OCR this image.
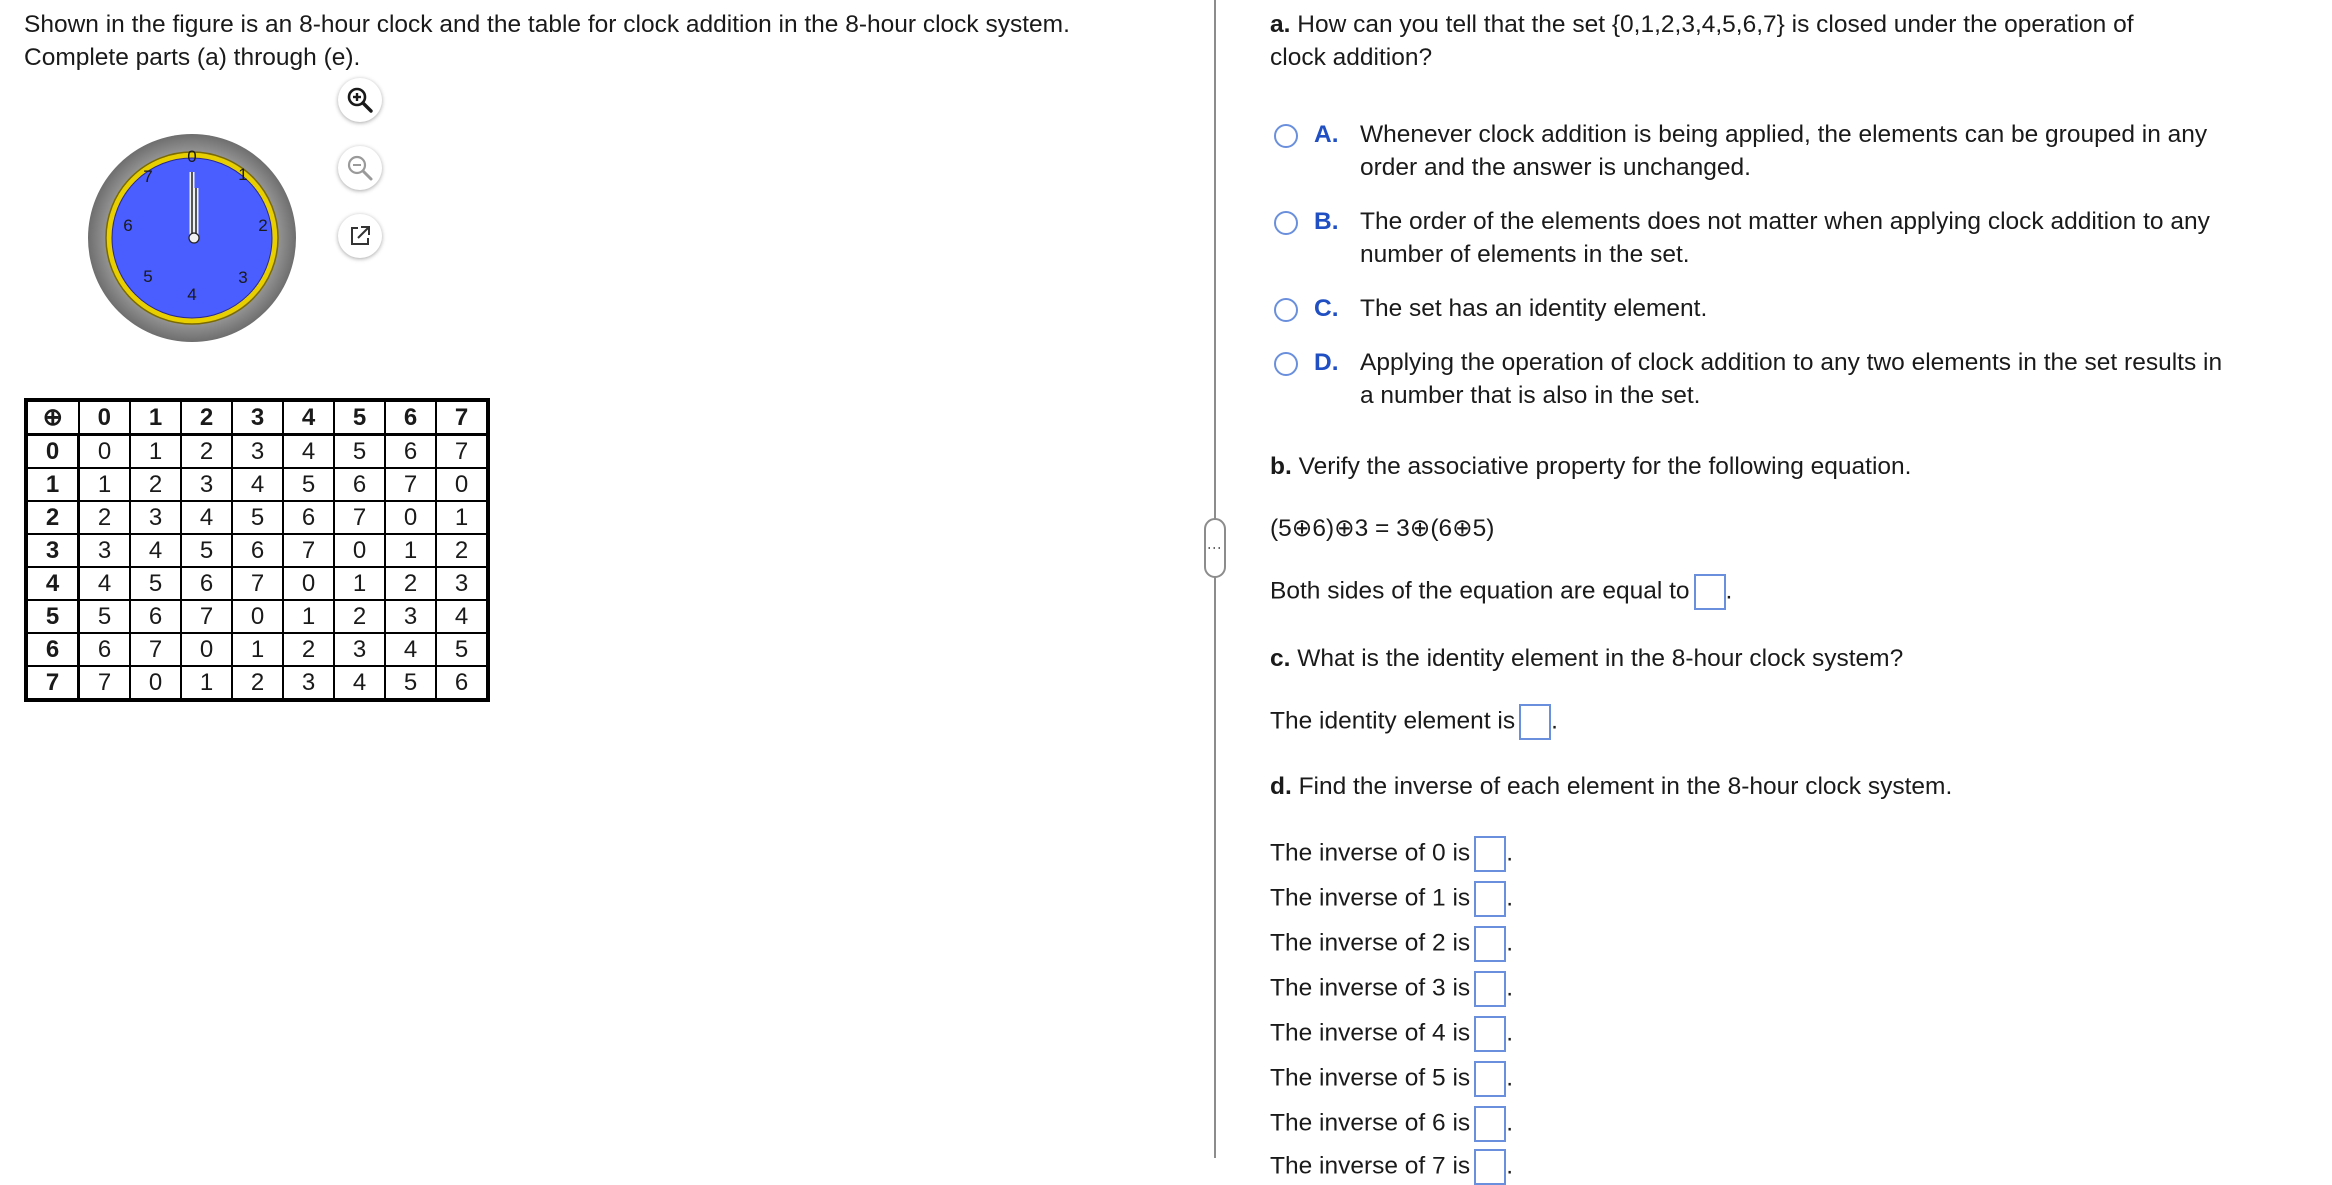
Shown in the figure is an 8-hour clock and the table for clock addition in the 8-hour clock system.
Complete parts (a) through (e).
0
1
2
3
4
5
6
7
⊕	0	1	2	3	4	5	6	7
0	0	1	2	3	4	5	6	7
1	1	2	3	4	5	6	7	0
2	2	3	4	5	6	7	0	1
3	3	4	5	6	7	0	1	2
4	4	5	6	7	0	1	2	3
5	5	6	7	0	1	2	3	4
6	6	7	0	1	2	3	4	5
7	7	0	1	2	3	4	5	6
⋮
a. How can you tell that the set {0,1,2,3,4,5,6,7} is closed under the operation of
clock addition?
A. Whenever clock addition is being applied, the elements can be grouped in any
order and the answer is unchanged.
B. The order of the elements does not matter when applying clock addition to any
number of elements in the set.
C. The set has an identity element.
D. Applying the operation of clock addition to any two elements in the set results in
a number that is also in the set.
b. Verify the associative property for the following equation.
(5⊕6)⊕3 = 3⊕(6⊕5)
Both sides of the equation are equal to .
c. What is the identity element in the 8-hour clock system?
The identity element is .
d. Find the inverse of each element in the 8-hour clock system.
The inverse of 0 is .
The inverse of 1 is .
The inverse of 2 is .
The inverse of 3 is .
The inverse of 4 is .
The inverse of 5 is .
The inverse of 6 is .
The inverse of 7 is .
